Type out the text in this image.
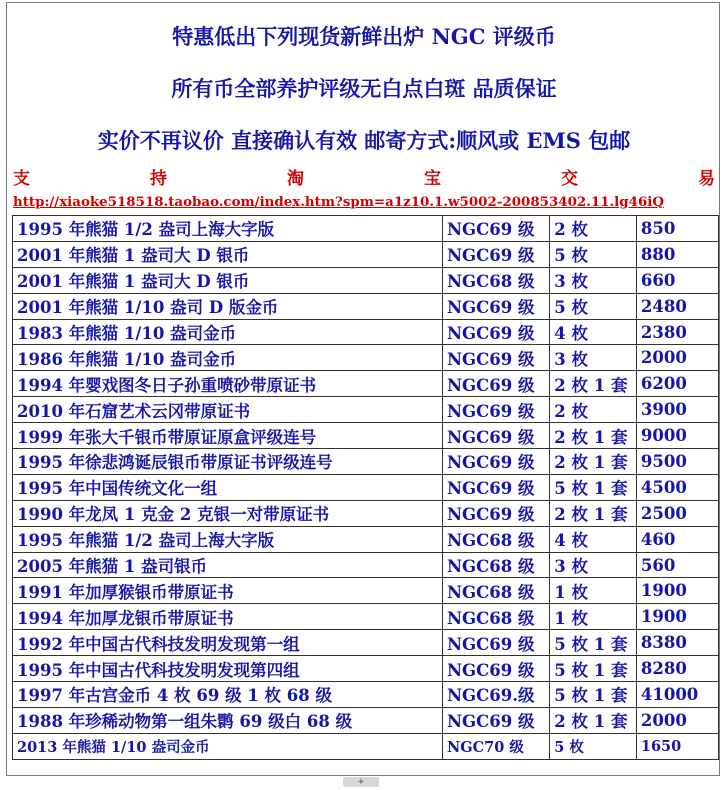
特惠低出下列现货新鲜出炉 NGC 评级币
所有币全部养护评级无白点白斑 品质保证
实价不再议价 直接确认有效 邮寄方式:顺风或 EMS 包邮
支	持	淘	宝	交	易
http://xiaoke518518.taobao.com/index.htm?spm=a1z10.1.w5002-200853402.11.lg46iQ
1995 年熊猫 1/2 盎司上海大字版	NGC69 级	2 枚	850
2001 年熊猫 1 盎司大 D 银币	NGC69 级	5 枚	880
2001 年熊猫 1 盎司大 D 银币	NGC68 级	3 枚	660
2001 年熊猫 1/10 盎司 D 版金币	NGC69 级	5 枚	2480
1983 年熊猫 1/10 盎司金币	NGC69 级	4 枚	2380
1986 年熊猫 1/10 盎司金币	NGC69 级	3 枚	2000
1994 年婴戏图冬日子孙重喷砂带原证书	NGC69 级	2 枚 1 套	6200
2010 年石窟艺术云冈带原证书	NGC69 级	2 枚	3900
1999 年张大千银币带原证原盒评级连号	NGC69 级	2 枚 1 套	9000
1995 年徐悲鸿诞辰银币带原证书评级连号	NGC69 级	2 枚 1 套	9500
1995 年中国传统文化一组	NGC69 级	5 枚 1 套	4500
1990 年龙凤 1 克金 2 克银一对带原证书	NGC69 级	2 枚 1 套	2500
1995 年熊猫 1/2 盎司上海大字版	NGC68 级	4 枚	460
2005 年熊猫 1 盎司银币	NGC68 级	3 枚	560
1991 年加厚猴银币带原证书	NGC68 级	1 枚	1900
1994 年加厚龙银币带原证书	NGC68 级	1 枚	1900
1992 年中国古代科技发明发现第一组	NGC69 级	5 枚 1 套	8380
1995 年中国古代科技发明发现第四组	NGC69 级	5 枚 1 套	8280
1997 年古宫金币 4 枚 69 级 1 枚 68 级	NGC69.级	5 枚 1 套	41000
1988 年珍稀动物第一组朱鹮 69 级白 68 级	NGC69 级	2 枚 1 套	2000
2013 年熊猫 1/10 盎司金币	NGC70 级	5 枚	1650
+
